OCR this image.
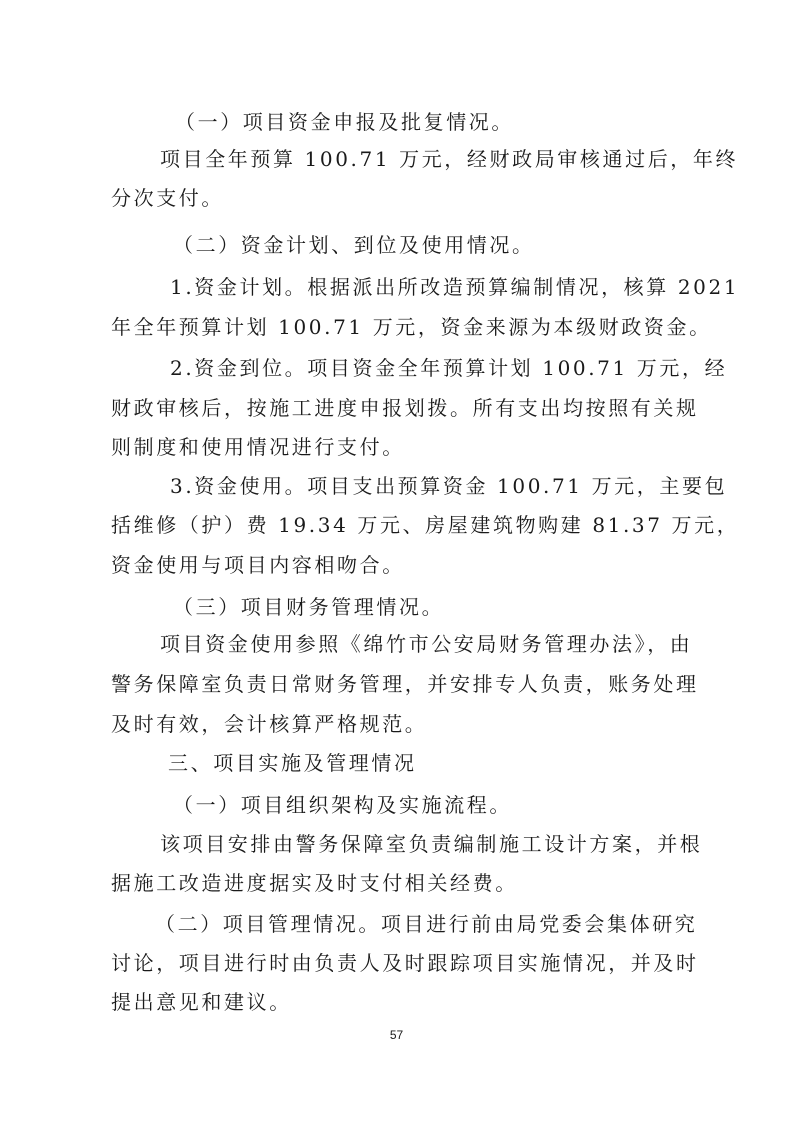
（一）项目资金申报及批复情况。
项目全年预算 100.71 万元，经财政局审核通过后，年终
分次支付。
（二）资金计划、到位及使用情况。
1.资金计划。根据派出所改造预算编制情况，核算 2021
年全年预算计划 100.71 万元，资金来源为本级财政资金。
2.资金到位。项目资金全年预算计划 100.71 万元，经
财政审核后，按施工进度申报划拨。所有支出均按照有关规
则制度和使用情况进行支付。
3.资金使用。项目支出预算资金 100.71 万元，主要包
括维修（护）费 19.34 万元、房屋建筑物购建 81.37 万元，
资金使用与项目内容相吻合。
（三）项目财务管理情况。
项目资金使用参照《绵竹市公安局财务管理办法》，由
警务保障室负责日常财务管理，并安排专人负责，账务处理
及时有效，会计核算严格规范。
三、项目实施及管理情况
（一）项目组织架构及实施流程。
该项目安排由警务保障室负责编制施工设计方案，并根
据施工改造进度据实及时支付相关经费。
（二）项目管理情况。项目进行前由局党委会集体研究
讨论，项目进行时由负责人及时跟踪项目实施情况，并及时
提出意见和建议。
57
